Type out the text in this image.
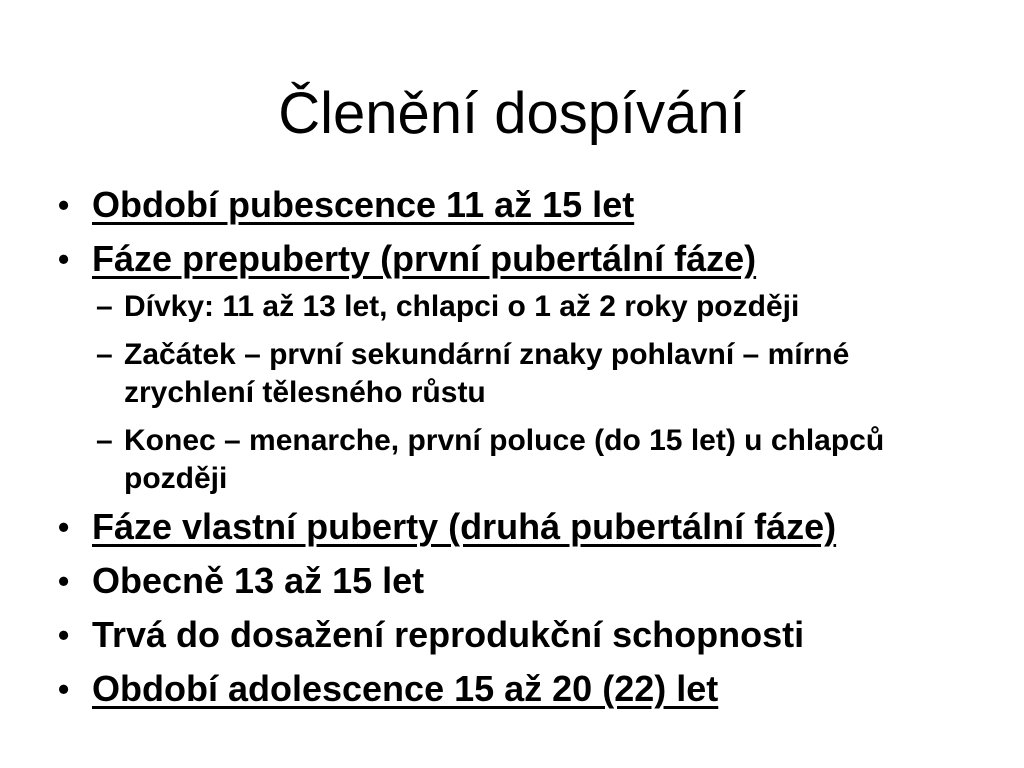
Členění dospívání
• Období pubescence 11 až 15 let
• Fáze prepuberty (první pubertální fáze)
– Dívky: 11 až 13 let, chlapci o 1 až 2 roky později
– Začátek – první sekundární znaky pohlavní – mírné zrychlení tělesného růstu
– Konec – menarche, první poluce (do 15 let) u chlapců později
• Fáze vlastní puberty (druhá pubertální fáze)
• Obecně 13 až 15 let
• Trvá do dosažení reprodukční schopnosti
• Období adolescence 15 až 20 (22) let
